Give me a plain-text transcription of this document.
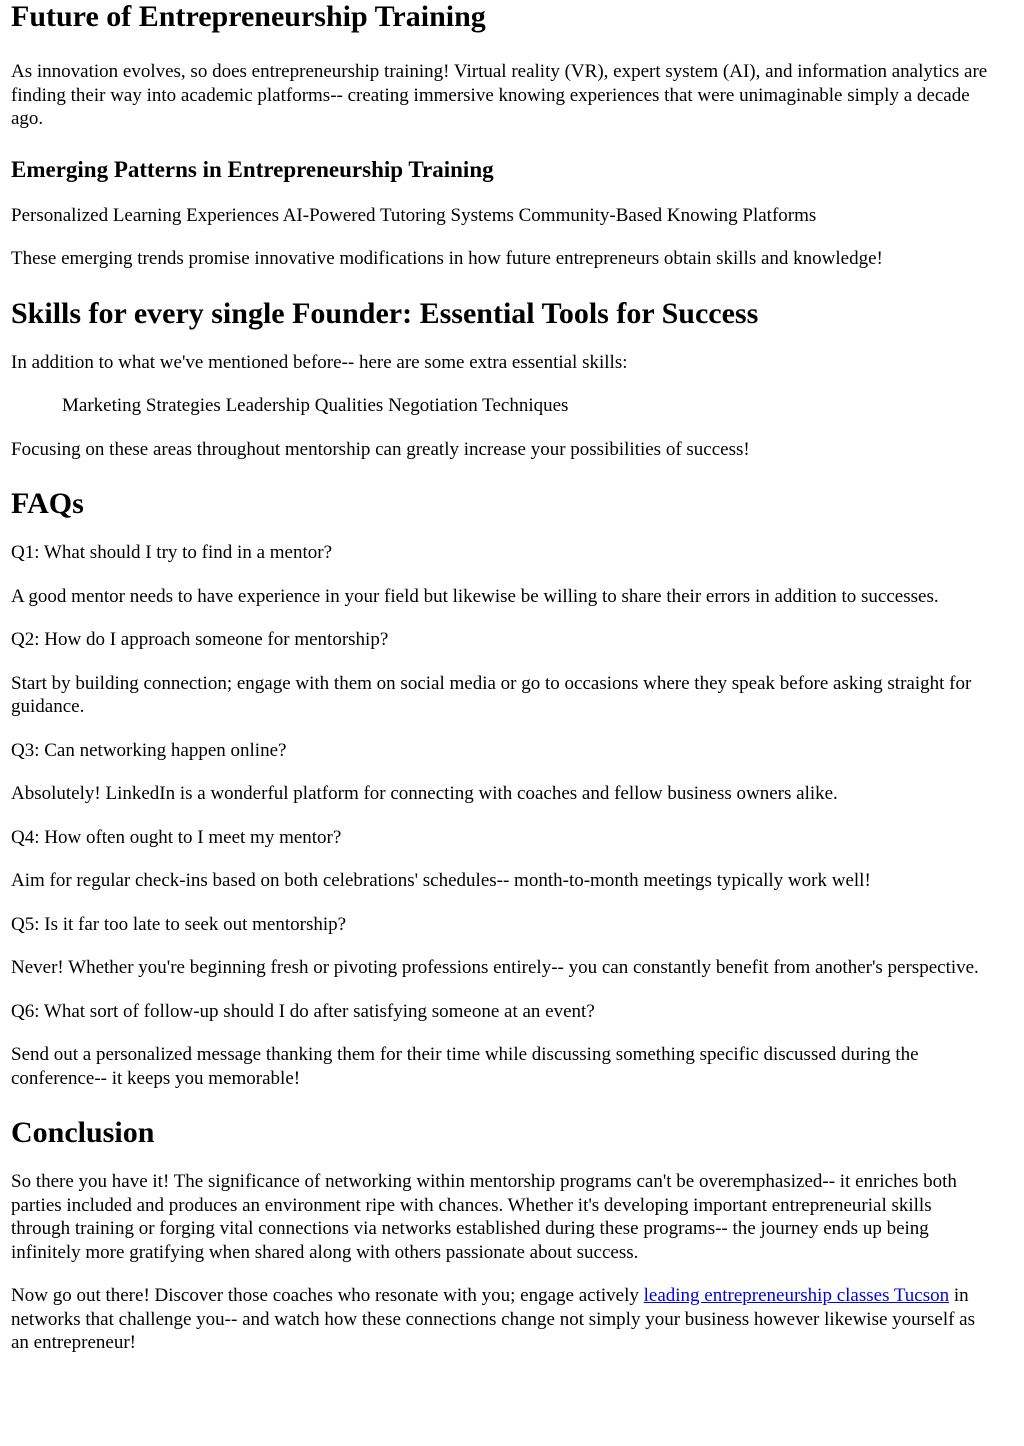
Future of Entrepreneurship Training

As innovation evolves, so does entrepreneurship training! Virtual reality (VR), expert system (AI), and information analytics are finding their way into academic platforms-- creating immersive knowing experiences that were unimaginable simply a decade ago.

Emerging Patterns in Entrepreneurship Training

Personalized Learning Experiences AI-Powered Tutoring Systems Community-Based Knowing Platforms

These emerging trends promise innovative modifications in how future entrepreneurs obtain skills and knowledge!

Skills for every single Founder: Essential Tools for Success

In addition to what we've mentioned before-- here are some extra essential skills:

Marketing Strategies Leadership Qualities Negotiation Techniques

Focusing on these areas throughout mentorship can greatly increase your possibilities of success!

FAQs

Q1: What should I try to find in a mentor?

A good mentor needs to have experience in your field but likewise be willing to share their errors in addition to successes.

Q2: How do I approach someone for mentorship?

Start by building connection; engage with them on social media or go to occasions where they speak before asking straight for guidance.

Q3: Can networking happen online?

Absolutely! LinkedIn is a wonderful platform for connecting with coaches and fellow business owners alike.

Q4: How often ought to I meet my mentor?

Aim for regular check-ins based on both celebrations' schedules-- month-to-month meetings typically work well!

Q5: Is it far too late to seek out mentorship?

Never! Whether you're beginning fresh or pivoting professions entirely-- you can constantly benefit from another's perspective.

Q6: What sort of follow-up should I do after satisfying someone at an event?

Send out a personalized message thanking them for their time while discussing something specific discussed during the conference-- it keeps you memorable!

Conclusion

So there you have it! The significance of networking within mentorship programs can't be overemphasized-- it enriches both parties included and produces an environment ripe with chances. Whether it's developing important entrepreneurial skills through training or forging vital connections via networks established during these programs-- the journey ends up being infinitely more gratifying when shared along with others passionate about success.

Now go out there! Discover those coaches who resonate with you; engage actively leading entrepreneurship classes Tucson in networks that challenge you-- and watch how these connections change not simply your business however likewise yourself as an entrepreneur!
